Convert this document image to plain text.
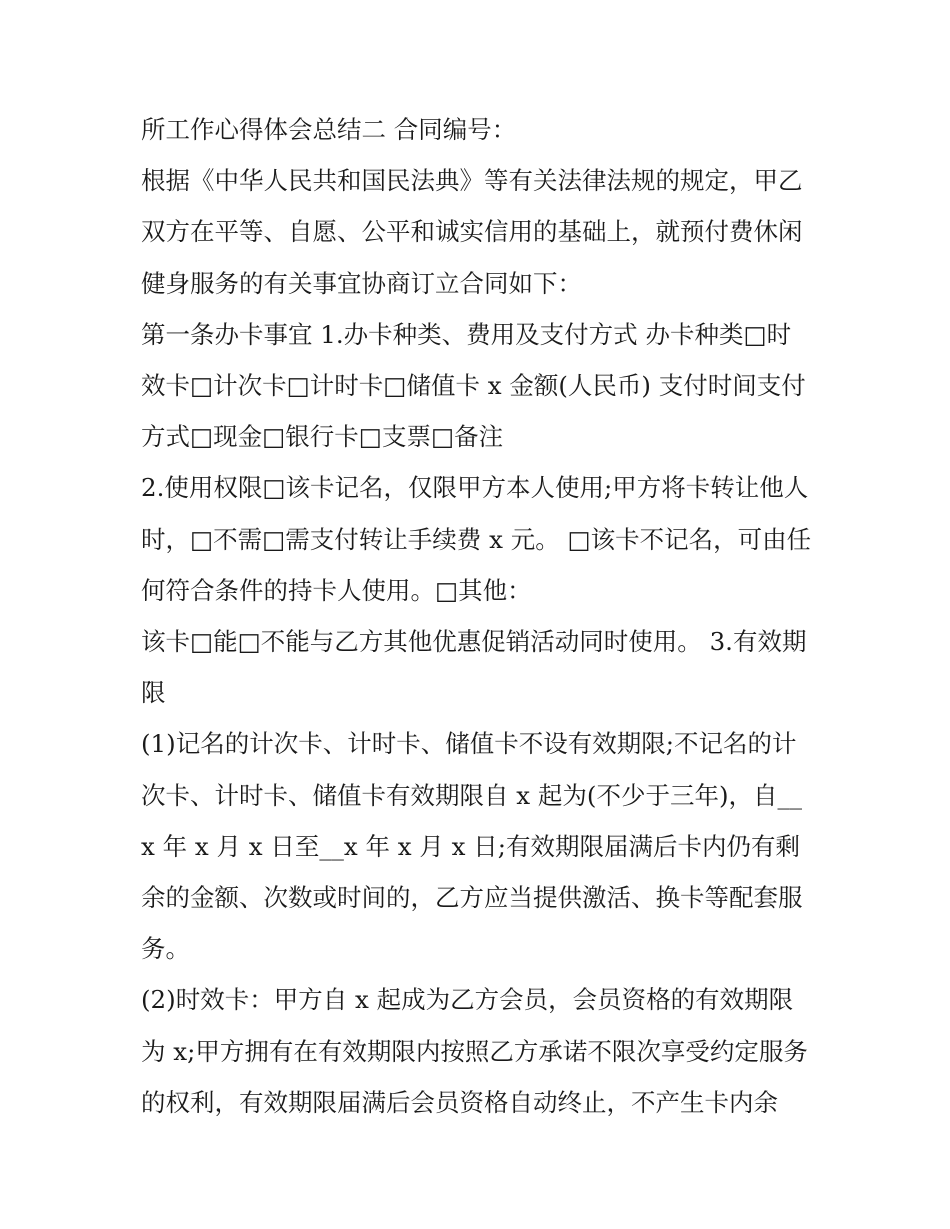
所工作心得体会总结二 合同编号：

根据《中华人民共和国民法典》等有关法律法规的规定，甲乙双方在平等、自愿、公平和诚实信用的基础上，就预付费休闲健身服务的有关事宜协商订立合同如下：

第一条办卡事宜 1.办卡种类、费用及支付方式 办卡种类□时效卡□计次卡□计时卡□储值卡 x 金额(人民币) 支付时间支付方式□现金□银行卡□支票□备注

2.使用权限□该卡记名，仅限甲方本人使用;甲方将卡转让他人时，□不需□需支付转让手续费 x 元。 □该卡不记名，可由任何符合条件的持卡人使用。□其他：

该卡□能□不能与乙方其他优惠促销活动同时使用。 3.有效期限

(1)记名的计次卡、计时卡、储值卡不设有效期限;不记名的计次卡、计时卡、储值卡有效期限自 x 起为(不少于三年)，自__x 年 x 月 x 日至__x 年 x 月 x 日;有效期限届满后卡内仍有剩余的金额、次数或时间的，乙方应当提供激活、换卡等配套服务。

(2)时效卡：甲方自 x 起成为乙方会员，会员资格的有效期限为 x;甲方拥有在有效期限内按照乙方承诺不限次享受约定服务的权利，有效期限届满后会员资格自动终止，不产生卡内余
